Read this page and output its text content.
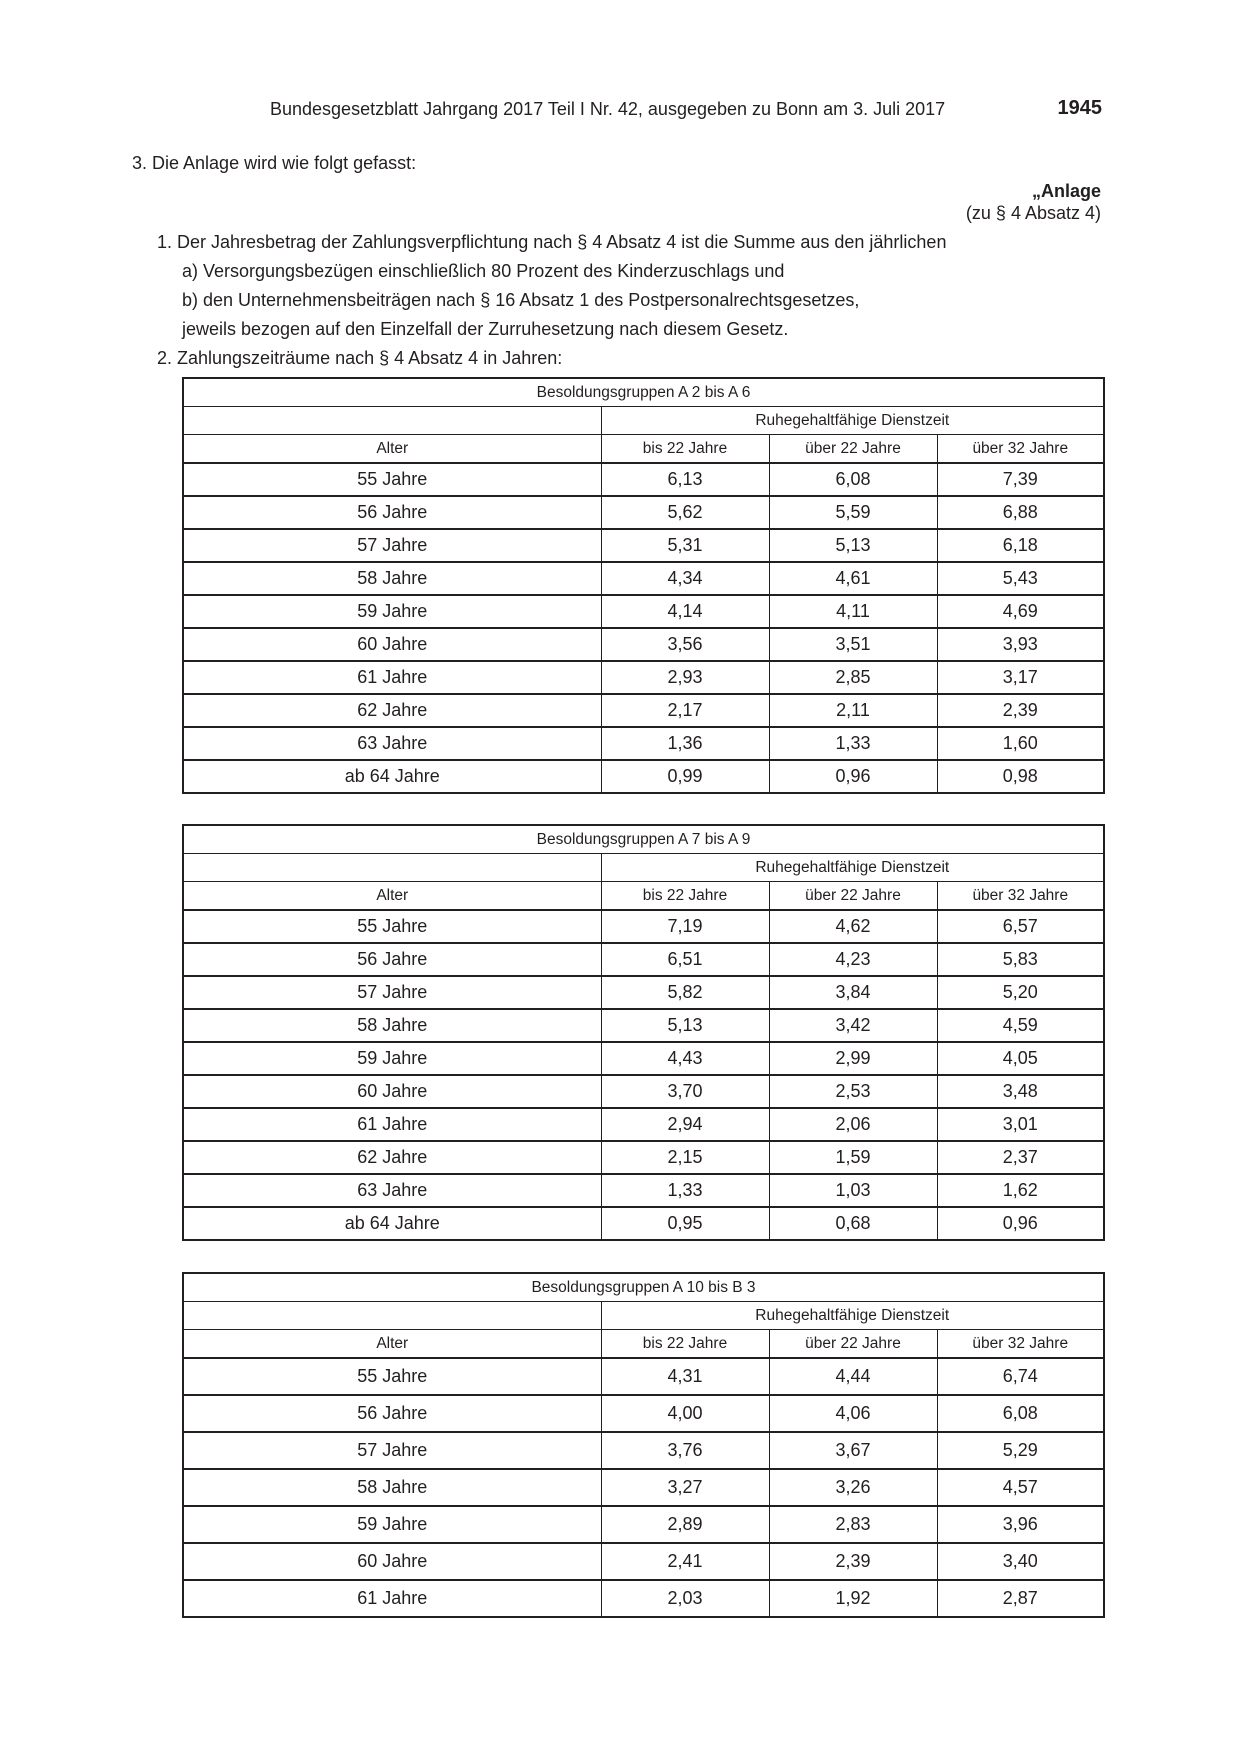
Bundesgesetzblatt Jahrgang 2017 Teil I Nr. 42, ausgegeben zu Bonn am 3. Juli 2017	1945
3. Die Anlage wird wie folgt gefasst:
„Anlage
(zu § 4 Absatz 4)
1. Der Jahresbetrag der Zahlungsverpflichtung nach § 4 Absatz 4 ist die Summe aus den jährlichen
a) Versorgungsbezügen einschließlich 80 Prozent des Kinderzuschlags und
b) den Unternehmensbeiträgen nach § 16 Absatz 1 des Postpersonalrechtsgesetzes,
jeweils bezogen auf den Einzelfall der Zurruhesetzung nach diesem Gesetz.
2. Zahlungszeiträume nach § 4 Absatz 4 in Jahren:
Besoldungsgruppen A 2 bis A 6			
	Ruhegehaltfähige Dienstzeit		
Alter	bis 22 Jahre	über 22 Jahre	über 32 Jahre
55 Jahre	6,13	6,08	7,39
56 Jahre	5,62	5,59	6,88
57 Jahre	5,31	5,13	6,18
58 Jahre	4,34	4,61	5,43
59 Jahre	4,14	4,11	4,69
60 Jahre	3,56	3,51	3,93
61 Jahre	2,93	2,85	3,17
62 Jahre	2,17	2,11	2,39
63 Jahre	1,36	1,33	1,60
ab 64 Jahre	0,99	0,96	0,98
Besoldungsgruppen A 7 bis A 9			
	Ruhegehaltfähige Dienstzeit		
Alter	bis 22 Jahre	über 22 Jahre	über 32 Jahre
55 Jahre	7,19	4,62	6,57
56 Jahre	6,51	4,23	5,83
57 Jahre	5,82	3,84	5,20
58 Jahre	5,13	3,42	4,59
59 Jahre	4,43	2,99	4,05
60 Jahre	3,70	2,53	3,48
61 Jahre	2,94	2,06	3,01
62 Jahre	2,15	1,59	2,37
63 Jahre	1,33	1,03	1,62
ab 64 Jahre	0,95	0,68	0,96
Besoldungsgruppen A 10 bis B 3			
	Ruhegehaltfähige Dienstzeit		
Alter	bis 22 Jahre	über 22 Jahre	über 32 Jahre
55 Jahre	4,31	4,44	6,74
56 Jahre	4,00	4,06	6,08
57 Jahre	3,76	3,67	5,29
58 Jahre	3,27	3,26	4,57
59 Jahre	2,89	2,83	3,96
60 Jahre	2,41	2,39	3,40
61 Jahre	2,03	1,92	2,87
